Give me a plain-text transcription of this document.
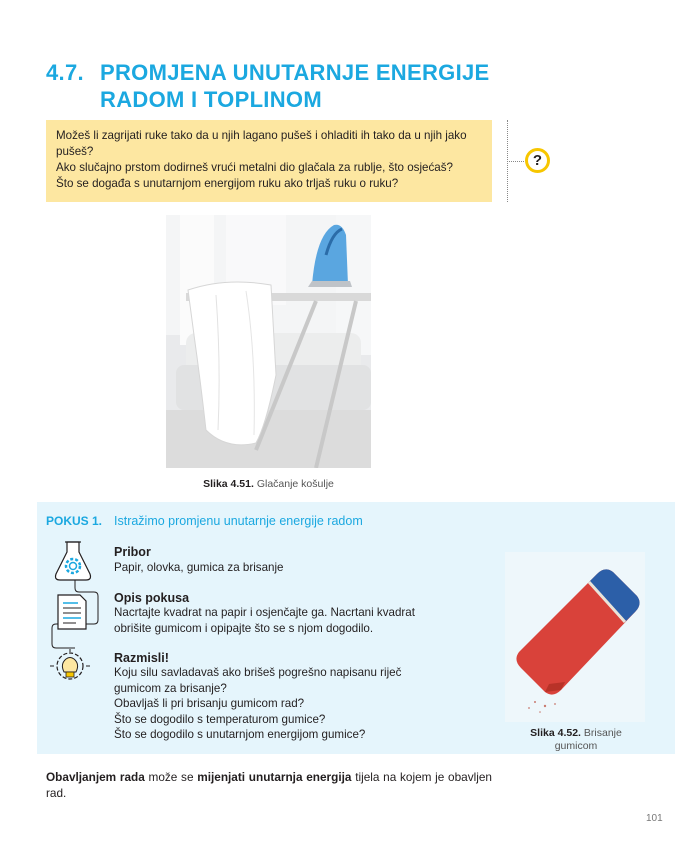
4.7. PROMJENA UNUTARNJE ENERGIJE
RADOM I TOPLINOM

Možeš li zagrijati ruke tako da u njih lagano pušeš i ohladiti ih tako da u njih jako pušeš?

Ako slučajno prstom dodirneš vrući metalni dio glačala za rublje, što osjećaš?

Što se događa s unutarnjom energijom ruku ako trljaš ruku o ruku?

?
Slika 4.51. Glačanje košulje
POKUS 1. Istražimo promjenu unutarnje energije radom
Pribor

Papir, olovka, gumica za brisanje

Opis pokusa

Nacrtajte kvadrat na papir i osjenčajte ga. Nacrtani kvadrat

obrišite gumicom i opipajte što se s njom dogodilo.

Razmisli!

Koju silu savladavaš ako brišeš pogrešno napisanu riječ

gumicom za brisanje?

Obavljaš li pri brisanju gumicom rad?

Što se dogodilo s temperaturom gumice?

Što se dogodilo s unutarnjom energijom gumice?	Slika 4.52. Brisanje gumicom
Obavljanjem rada može se mijenjati unutarnja energija tijela na kojem je obavljen rad.
101
